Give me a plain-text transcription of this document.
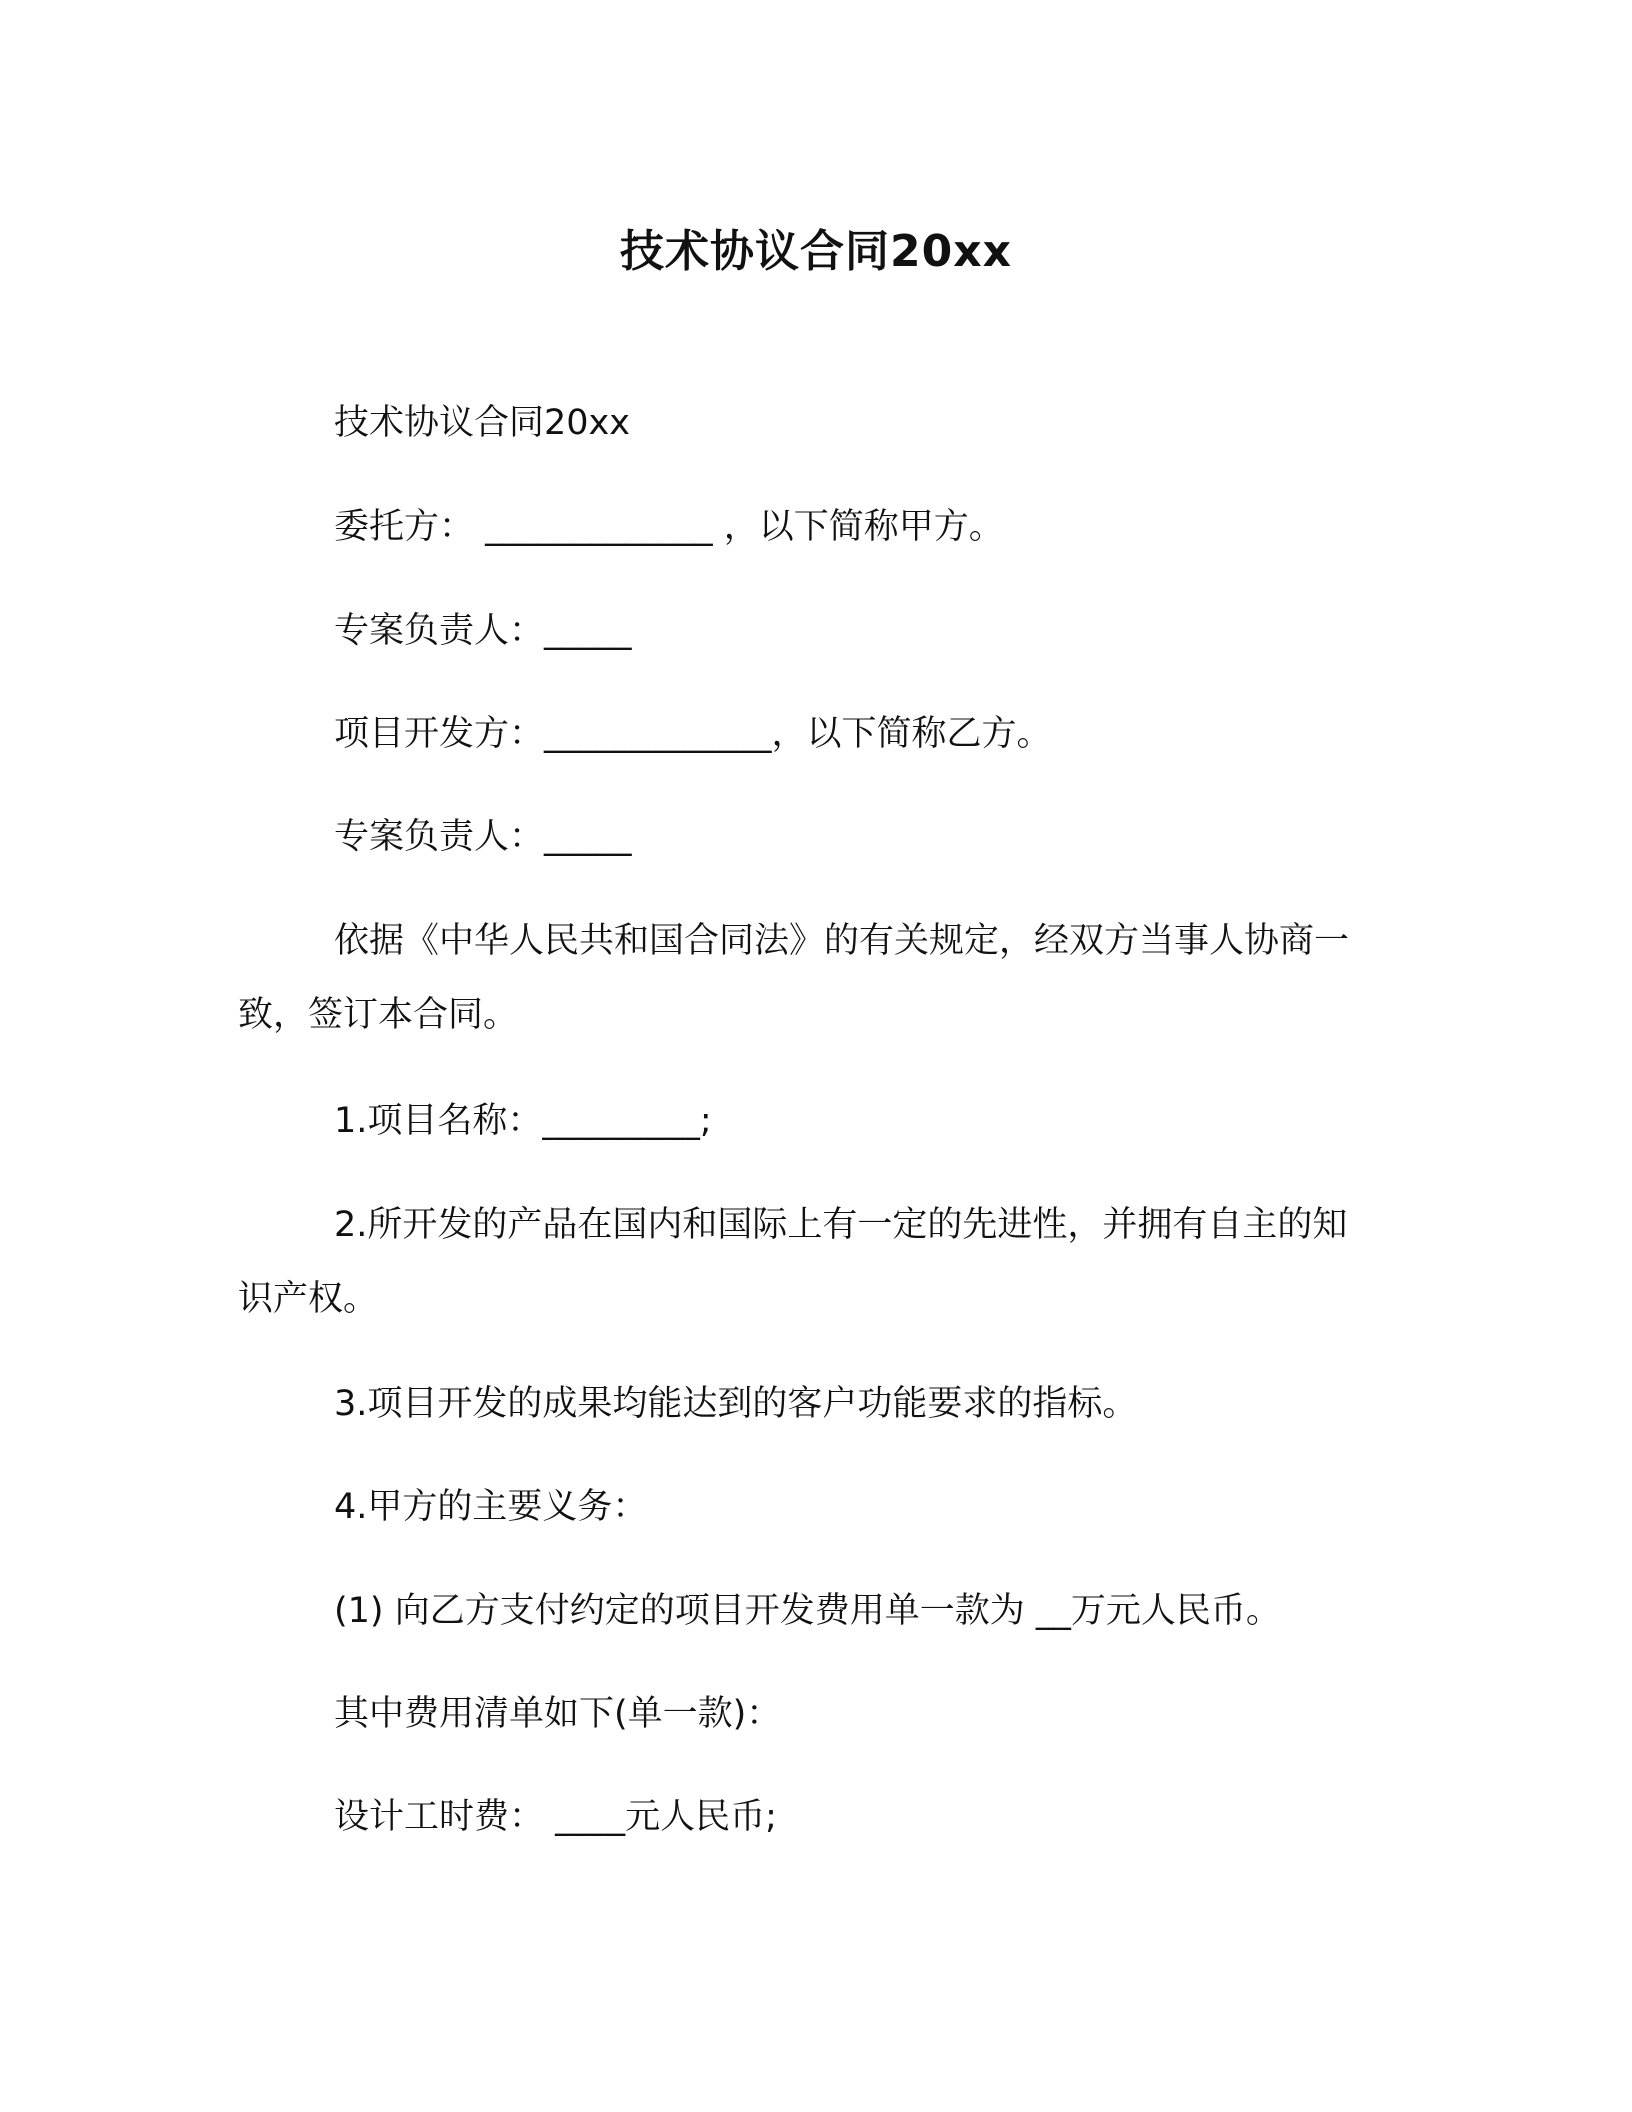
技术协议合同20xx
技术协议合同20xx
委托方： _____________ ，以下简称甲方。
专案负责人：_____
项目开发方：_____________，以下简称乙方。
专案负责人：_____
依据《中华人民共和国合同法》的有关规定，经双方当事人协商一致，签订本合同。
1.项目名称：_________;
2.所开发的产品在国内和国际上有一定的先进性，并拥有自主的知识产权。
3.项目开发的成果均能达到的客户功能要求的指标。
4.甲方的主要义务：
(1) 向乙方支付约定的项目开发费用单一款为 __万元人民币。
其中费用清单如下(单一款)：
设计工时费： ____元人民币;
